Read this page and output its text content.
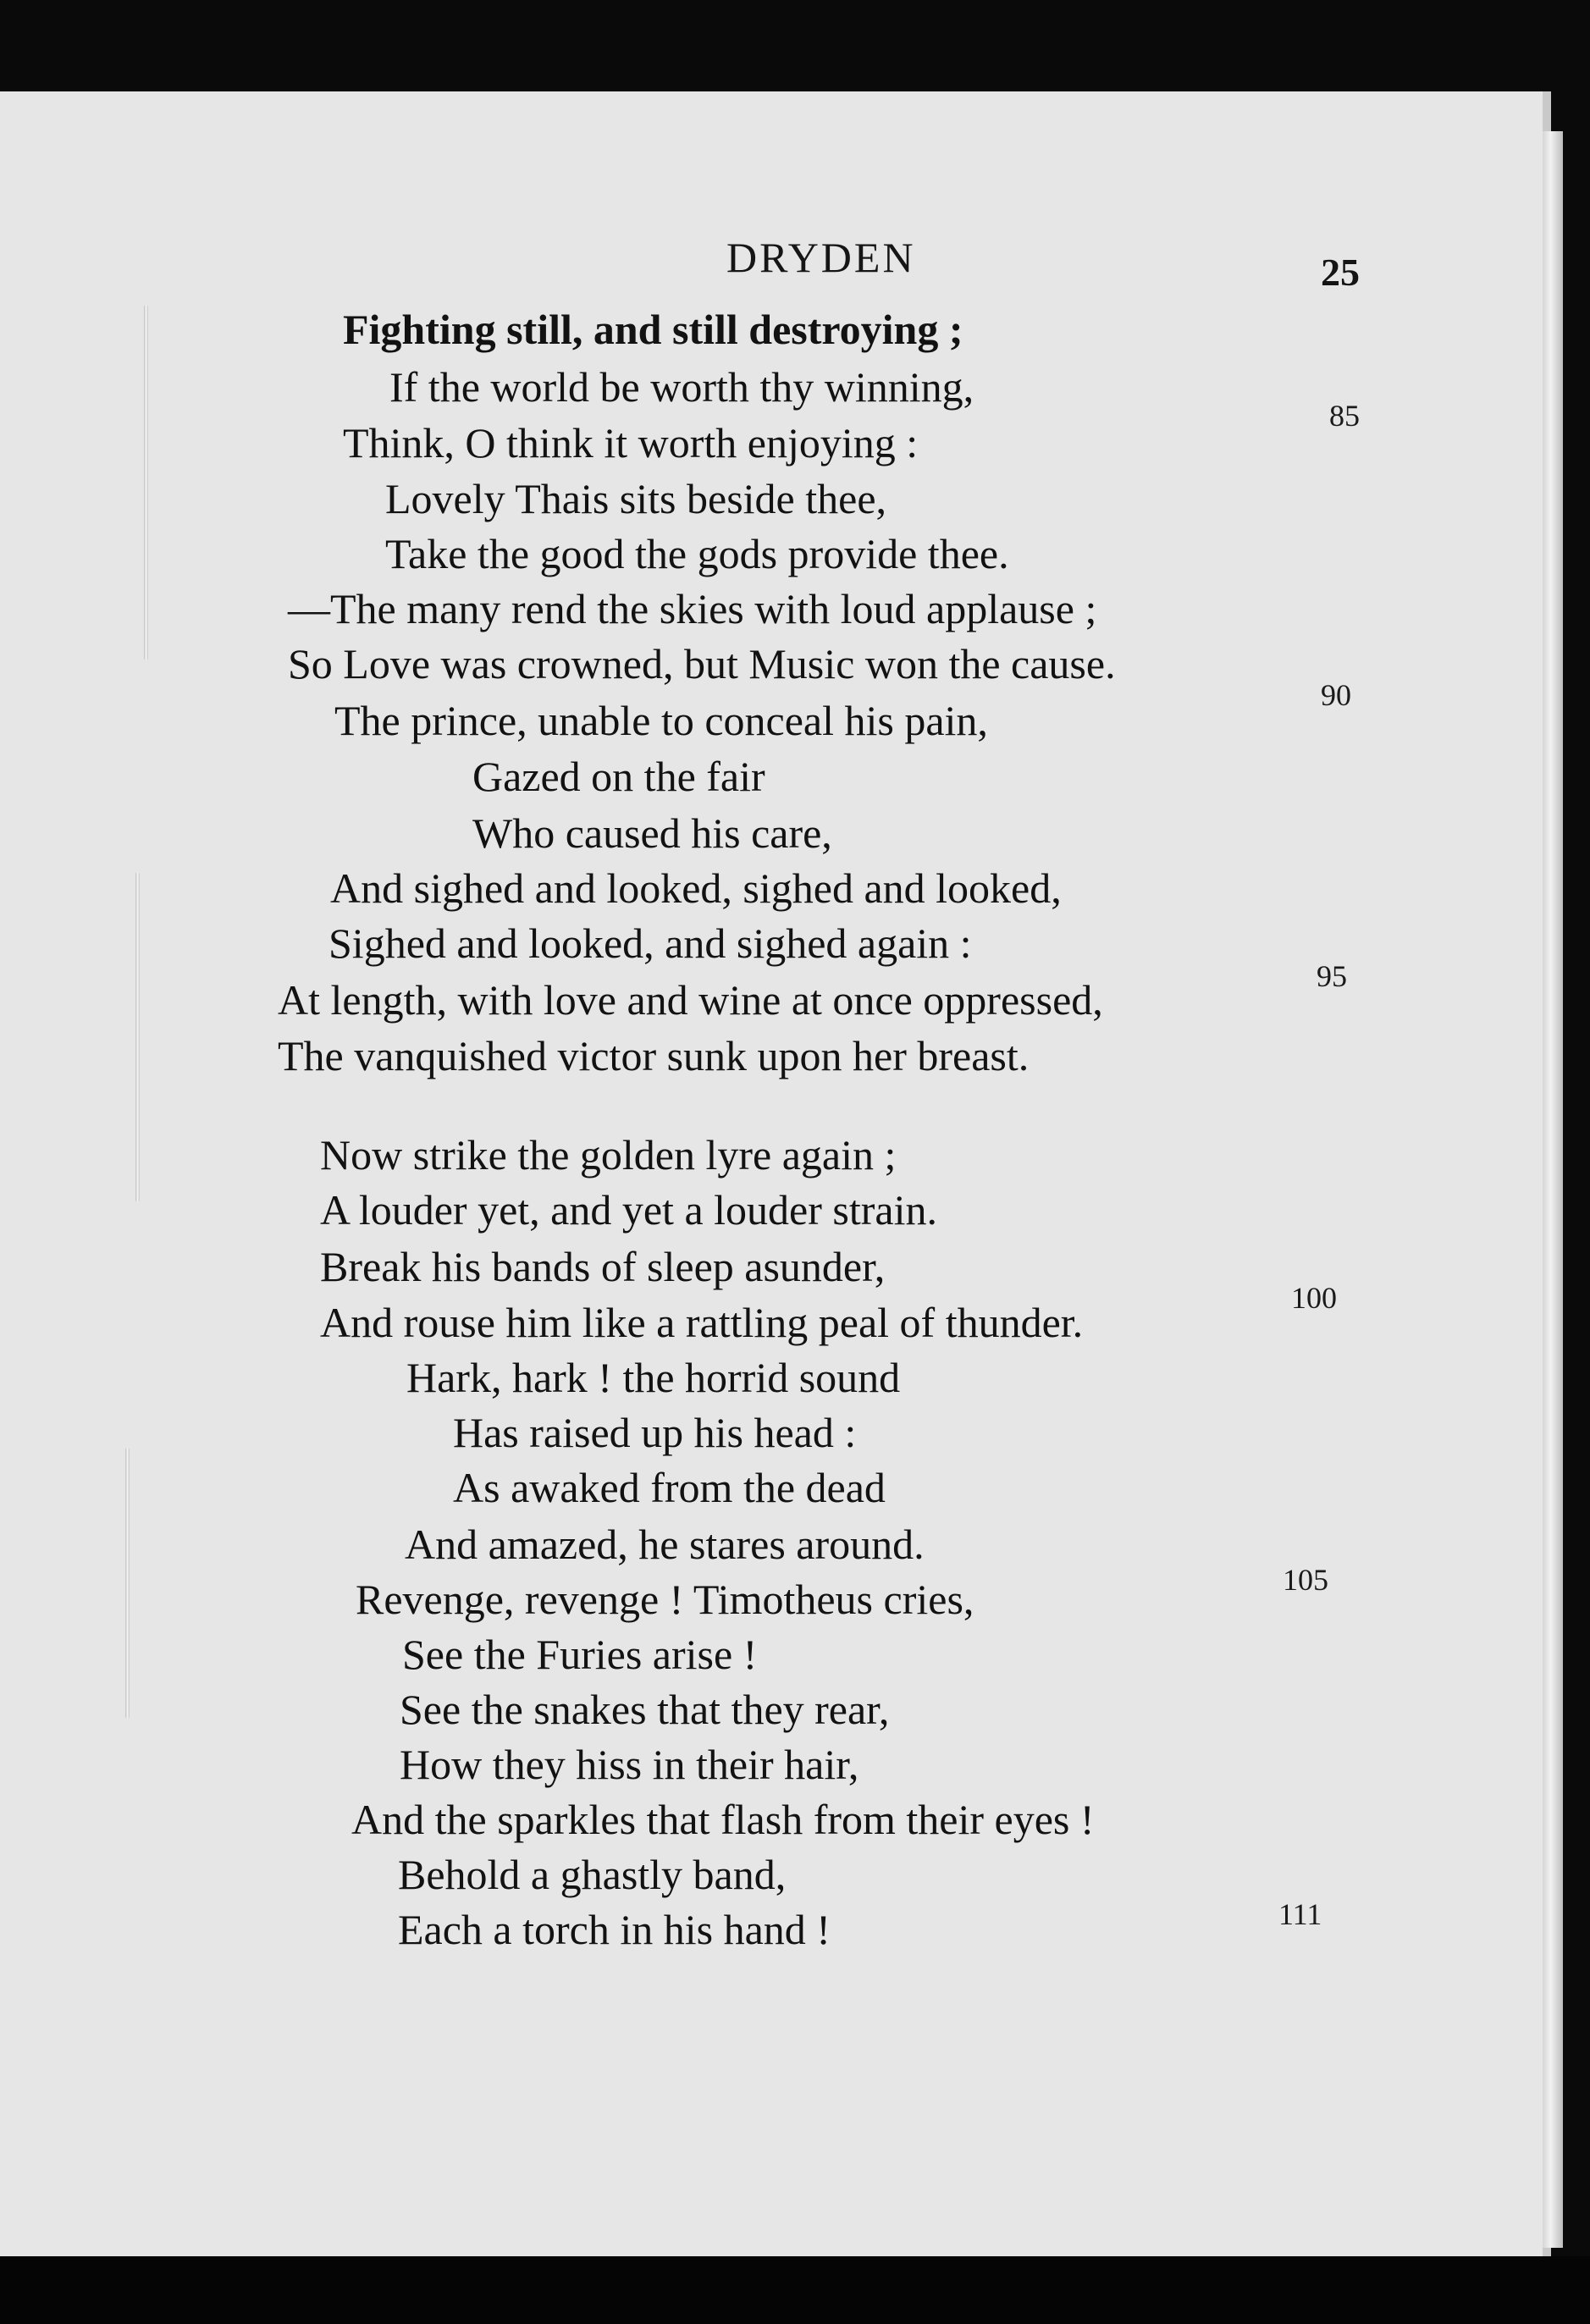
DRYDEN	25
Fighting still, and still destroying ;
If the world be worth thy winning,
Think, O think it worth enjoying :
Lovely Thais sits beside thee,
Take the good the gods provide thee.
—The many rend the skies with loud applause ;
So Love was crowned, but Music won the cause.
The prince, unable to conceal his pain,
Gazed on the fair
Who caused his care,
And sighed and looked, sighed and looked,
Sighed and looked, and sighed again :
At length, with love and wine at once oppressed,
The vanquished victor sunk upon her breast.
Now strike the golden lyre again ;
A louder yet, and yet a louder strain.
Break his bands of sleep asunder,
And rouse him like a rattling peal of thunder.
Hark, hark ! the horrid sound
Has raised up his head :
As awaked from the dead
And amazed, he stares around.
Revenge, revenge ! Timotheus cries,
See the Furies arise !
See the snakes that they rear,
How they hiss in their hair,
And the sparkles that flash from their eyes !
Behold a ghastly band,
Each a torch in his hand !
85
90
95
100
105
111
